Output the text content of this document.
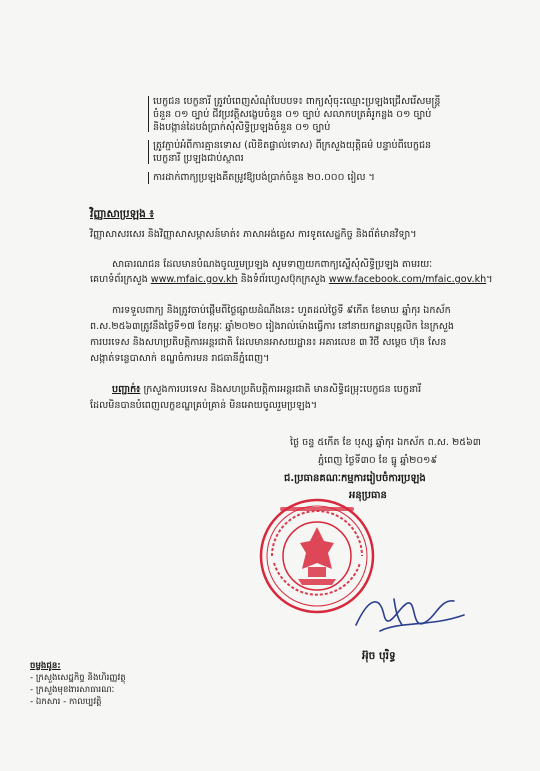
បេក្ខជន បេក្ខនារី ត្រូវបំពេញសំណុំបែបបទ៖ ពាក្យសុំចុះឈ្មោះប្រឡងជ្រើសរើសមន្ត្រី
ចំនួន ០១ ច្បាប់ ជីវប្រវត្តិសង្ខេបចំនួន ០១ ច្បាប់ សលាកបត្រគំរូកន្លង ០១ ច្បាប់
និងបង្កាន់ដៃបង់ប្រាក់សុំសិទ្ធិប្រឡងចំនួន ០១ ច្បាប់
ត្រូវភ្ជាប់អំពីការគ្មានទោស (លិខិតផ្ទាល់ទោស) ពីក្រសួងយុត្តិធម៌ បន្ទាប់ពីបេក្ខជន
បេក្ខនារី ប្រឡងជាប់ស្ថាពរ
ការដាក់ពាក្យប្រឡងគឺតម្រូវឱ្យបង់ប្រាក់ចំនួន ២០.០០០ រៀល ។
វិញ្ញាសាប្រឡង ៖
វិញ្ញាសាសរសេរ និងវិញ្ញាសាសម្ភាសន៍មាត់៖ ភាសាអង់គ្លេស ការទូតសេដ្ឋកិច្ច និងព័ត៌មានវិទ្យា។
សាធារណជន ដែលមានបំណងចូលរួមប្រឡង សូមទាញយកពាក្យស្នើសុំសិទ្ធិប្រឡង តាមរយៈ
គេហទំព័រក្រសួង www.mfaic.gov.kh និងទំព័រហ្វេសប៊ុកក្រសួង www.facebook.com/mfaic.gov.kh។
ការទទួលពាក្យ និងត្រូវចាប់ផ្តើមពីថ្ងៃផ្សាយដំណឹងនេះ ហូតដល់ថ្ងៃទី ៩កើត ខែមាឃ ឆ្នាំកុរ ឯកស័ក
ព.ស.២៥៦៣ត្រូវនឹងថ្ងៃទី១៧ ខែកុម្ភៈ ឆ្នាំ២០២០ រៀងរាល់ម៉ោងធ្វើការ នៅនាយកដ្ឋានបុគ្គលិក នៃក្រសួង
ការបរទេស និងសហប្រតិបត្តិការអន្តរជាតិ ដែលមានអាសយដ្ឋាន៖ អគារលេខ ៣ វិថី សម្ដេច ហ៊ុន សែន
សង្កាត់ទន្លេបាសាក់ ខណ្ឌចំការមន រាជធានីភ្នំពេញ។
បញ្ជាក់៖ ក្រសួងការបរទេស និងសហប្រតិបត្តិការអន្តរជាតិ មានសិទ្ធិជម្រុះបេក្ខជន បេក្ខនារី
ដែលមិនបានបំពេញលក្ខខណ្ឌគ្រប់គ្រាន់ មិនអោយចូលរួមប្រឡង។
ថ្ងៃ ចន្ទ ៥កើត ខែ បុស្ស ឆ្នាំកុរ ឯកស័ក ព.ស. ២៥៦៣
ភ្នំពេញ ថ្ងៃទី៣០ ខែ ធ្នូ ឆ្នាំ២០១៩
ជ.ប្រធានគណៈកម្មការរៀបចំការប្រឡង
អនុប្រធាន
អ៊ុច បុរិទ្ធ
ចម្លងជូន:
- ក្រសួងសេដ្ឋកិច្ច និងហិរញ្ញវត្ថុ
- ក្រសួងមុខងារសាធារណៈ
- ឯកសារ - កាលប្បវត្តិ
